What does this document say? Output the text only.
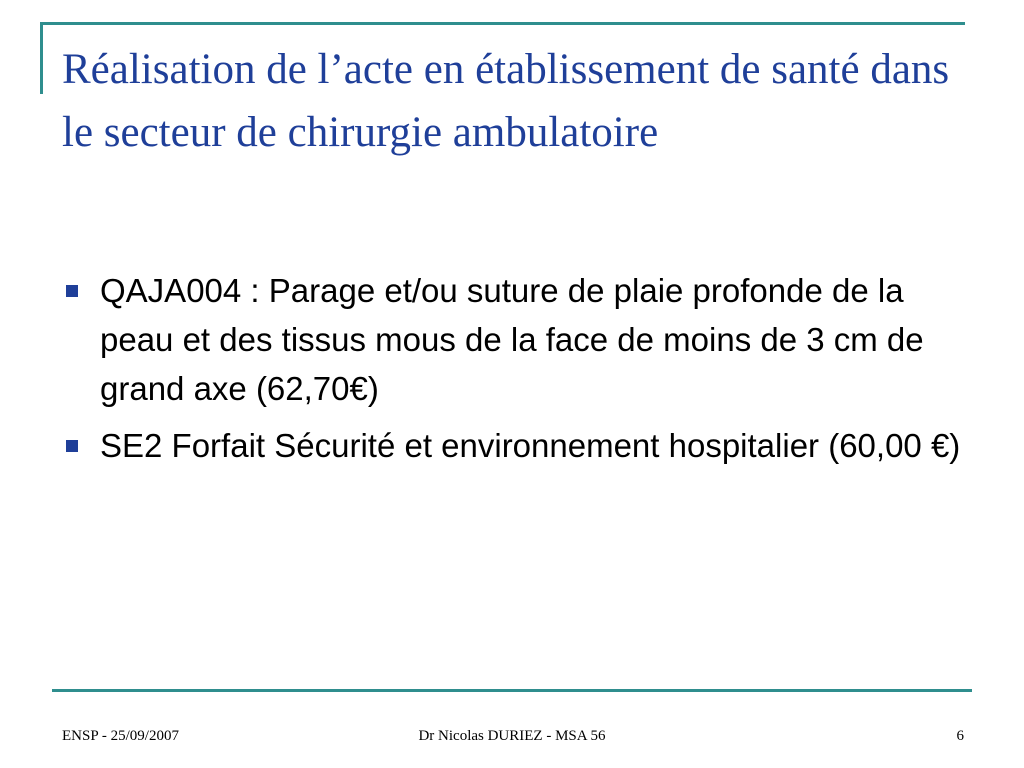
Réalisation de l’acte en établissement de santé dans le secteur de chirurgie ambulatoire
QAJA004 : Parage et/ou suture de plaie profonde de la peau et des tissus mous de la face de moins de 3 cm de grand axe (62,70€)
SE2 Forfait Sécurité et environnement hospitalier (60,00 €)
ENSP - 25/09/2007	Dr Nicolas DURIEZ - MSA 56	6
